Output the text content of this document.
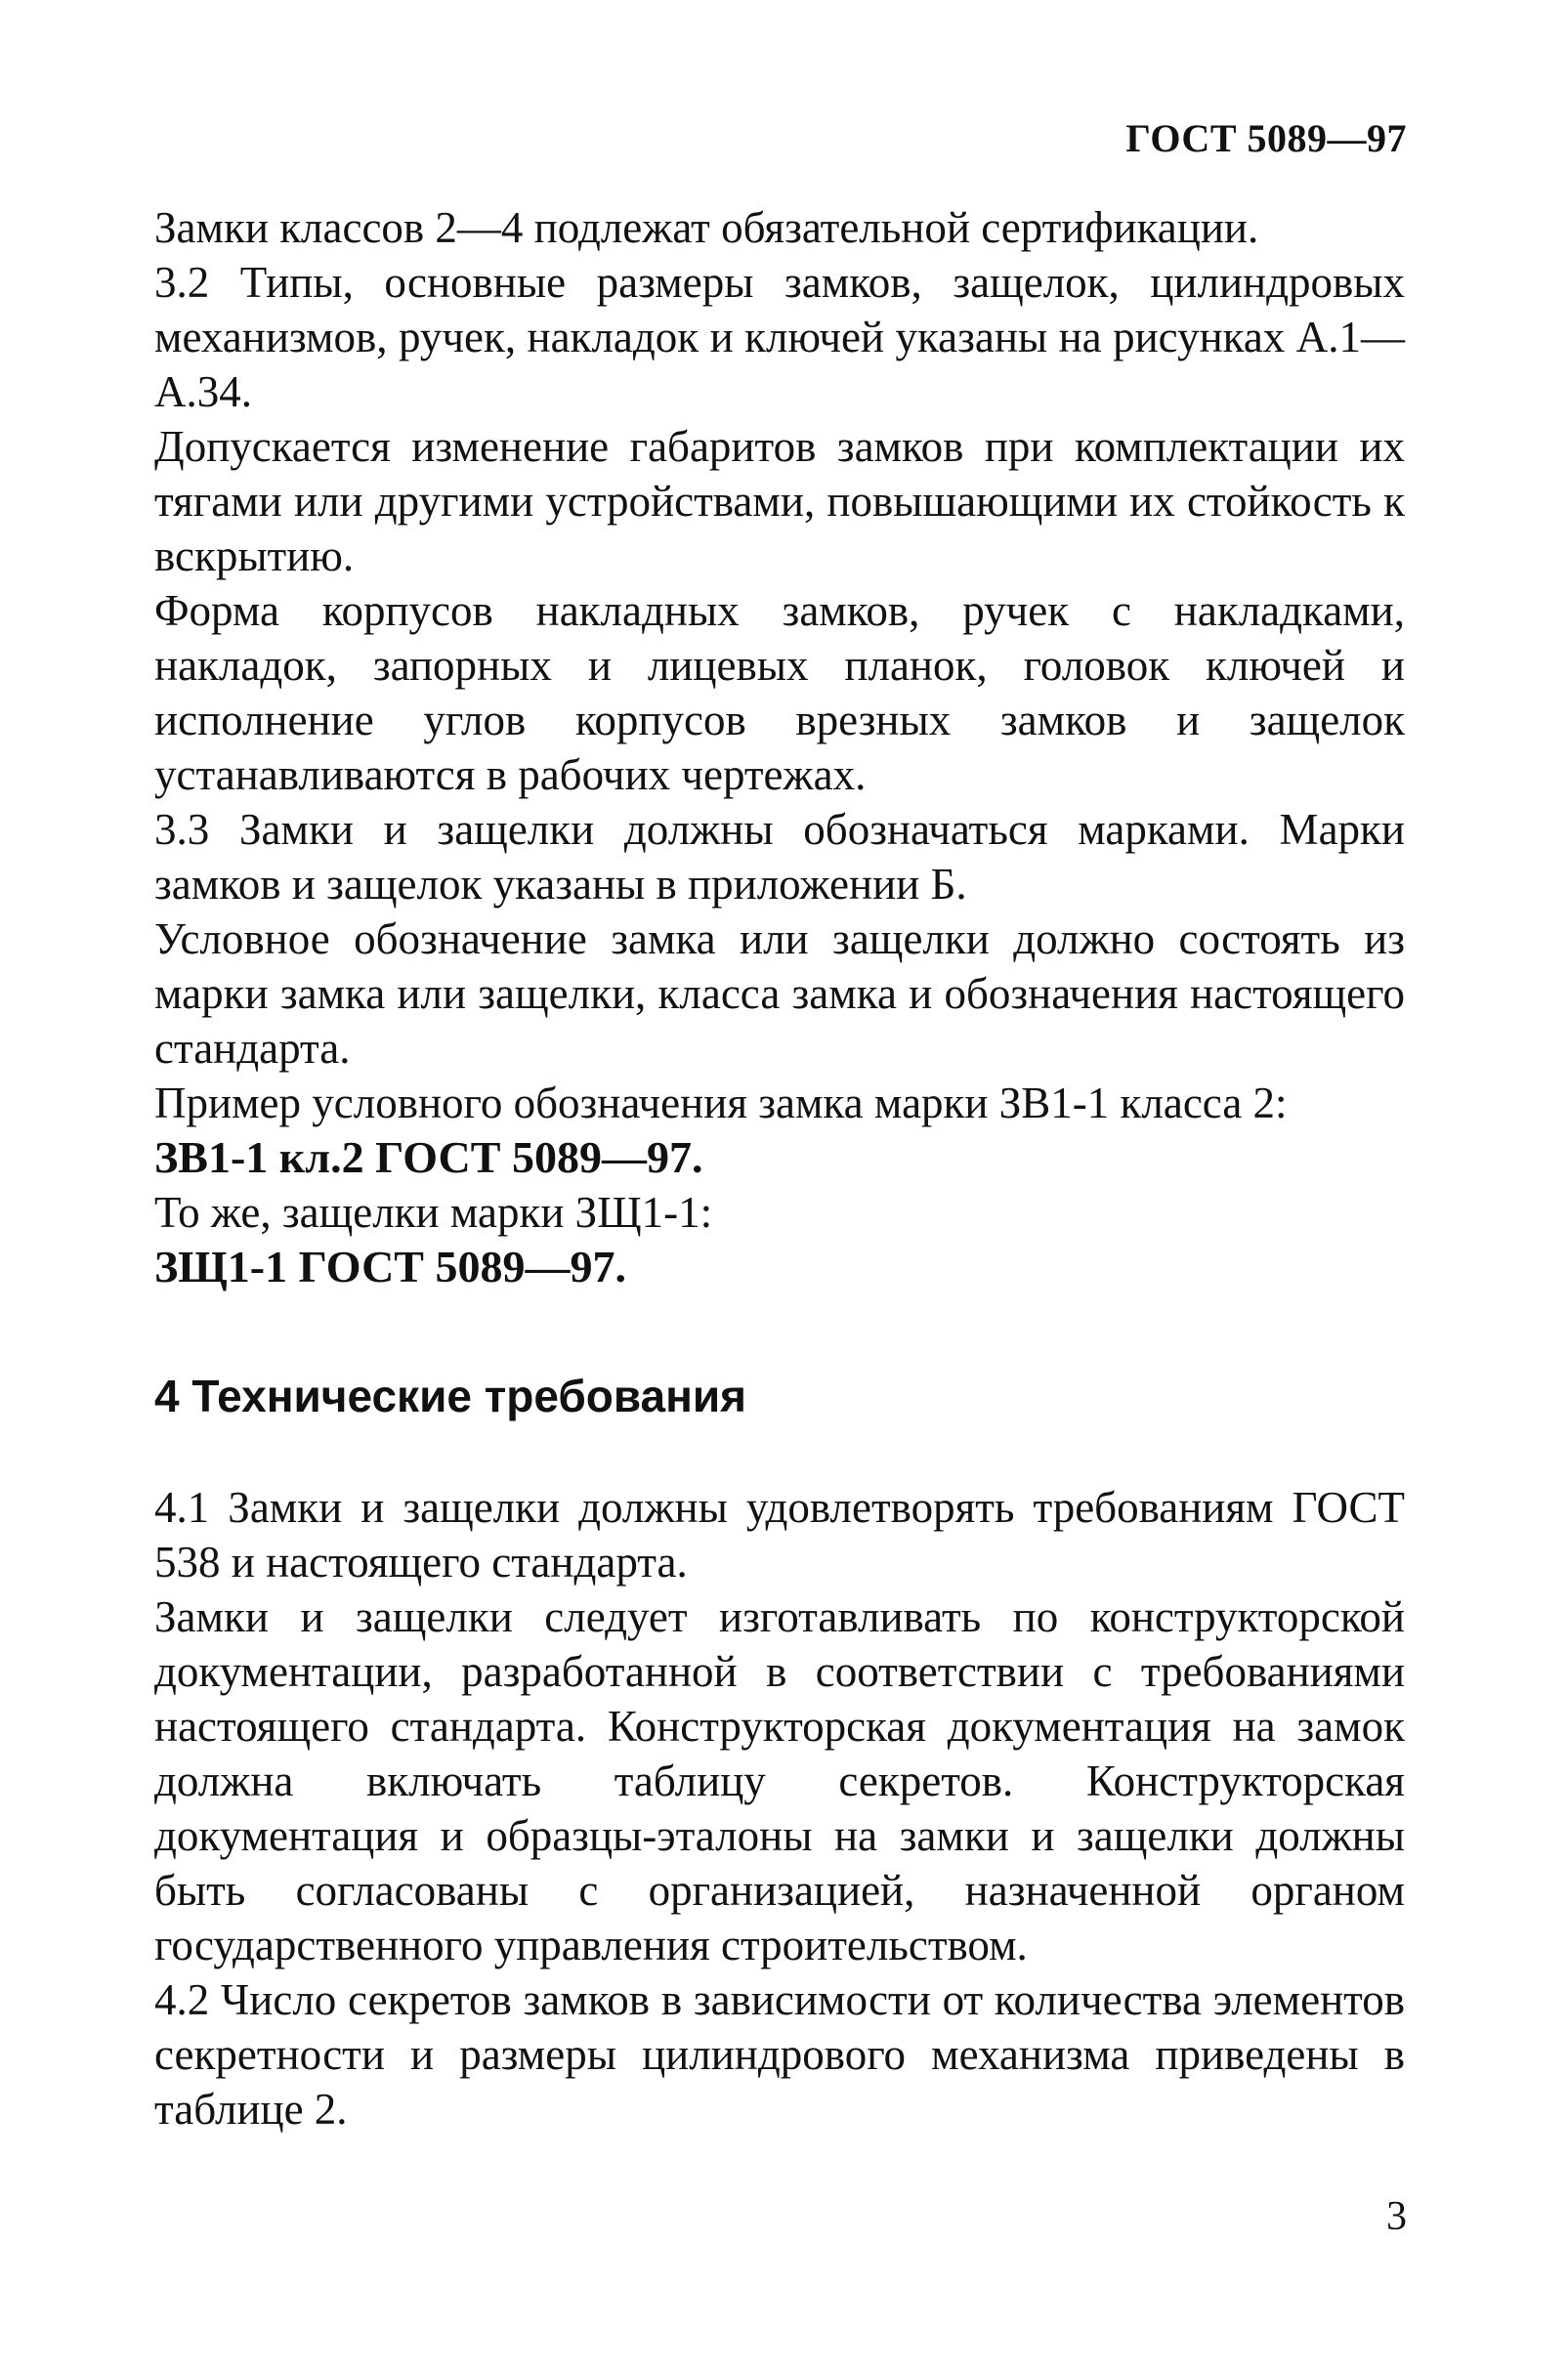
ГОСТ 5089—97

Замки классов 2—4 подлежат обязательной сертификации.

3.2 Типы, основные размеры замков, защелок, цилиндровых механизмов, ручек, накладок и ключей указаны на рисунках А.1—А.34.

Допускается изменение габаритов замков при комплектации их тягами или другими устройствами, повышающими их стойкость к вскрытию.

Форма корпусов накладных замков, ручек с накладками, накладок, запорных и лицевых планок, головок ключей и исполнение углов корпусов врезных замков и защелок устанавливаются в рабочих чертежах.

3.3 Замки и защелки должны обозначаться марками. Марки замков и защелок указаны в приложении Б.

Условное обозначение замка или защелки должно состоять из марки замка или защелки, класса замка и обозначения настоящего стандарта.

Пример условного обозначения замка марки ЗВ1-1 класса 2:

ЗВ1-1 кл.2 ГОСТ 5089—97.

То же, защелки марки ЗЩ1-1:

ЗЩ1-1 ГОСТ 5089—97.

4 Технические требования

4.1 Замки и защелки должны удовлетворять требованиям ГОСТ 538 и настоящего стандарта.

Замки и защелки следует изготавливать по конструкторской документации, разработанной в соответствии с требованиями настоящего стандарта. Конструкторская документация на замок должна включать таблицу секретов. Конструкторская документация и образцы-эталоны на замки и защелки должны быть согласованы с организацией, назначенной органом государственного управления строительством.

4.2 Число секретов замков в зависимости от количества элементов секретности и размеры цилиндрового механизма приведены в таблице 2.

3
